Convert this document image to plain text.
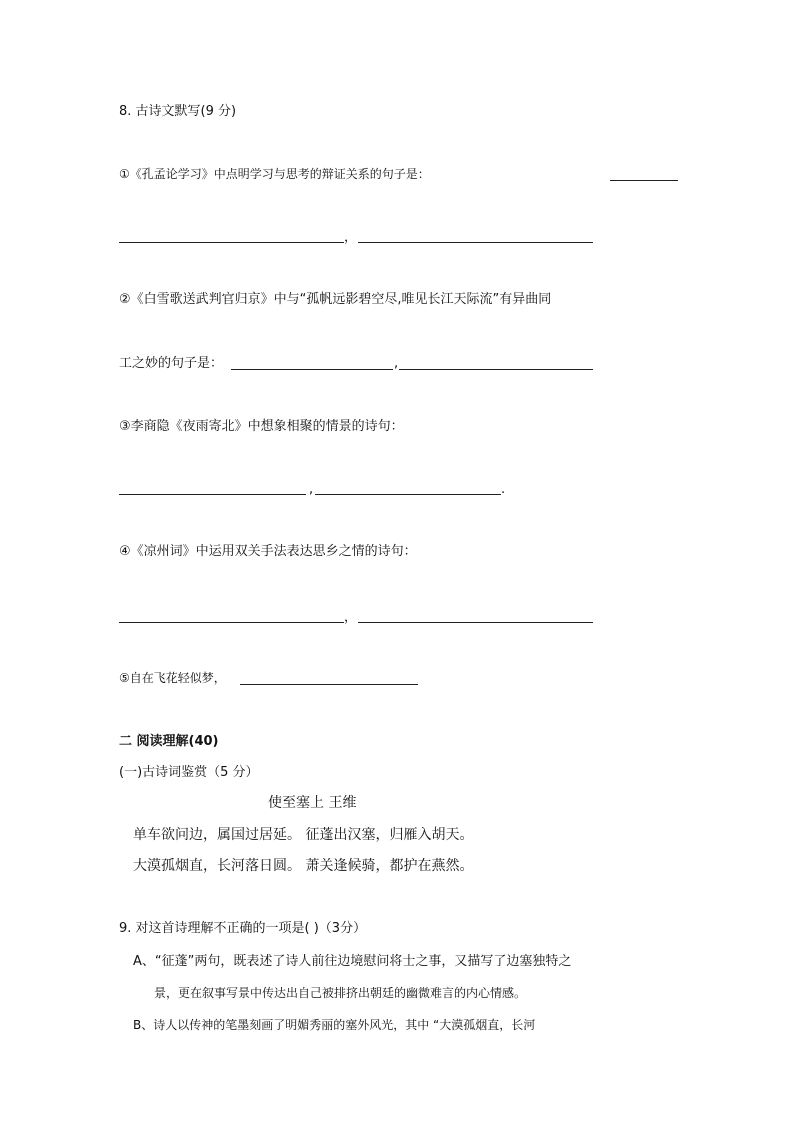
8. 古诗文默写(9 分)
①《孔孟论学习》中点明学习与思考的辩证关系的句子是：
，
②《白雪歌送武判官归京》中与“孤帆远影碧空尽,唯见长江天际流”有异曲同
工之妙的句子是：	,
③李商隐《夜雨寄北》中想象相聚的情景的诗句：
,	.
④《凉州词》中运用双关手法表达思乡之情的诗句：
，
⑤自在飞花轻似梦，
二 阅读理解(40)
(一)古诗词鉴赏（5 分）
使至塞上 王维
单车欲问边，属国过居延。 征蓬出汉塞，归雁入胡天。
大漠孤烟直，长河落日圆。 萧关逢候骑，都护在燕然。
9. 对这首诗理解不正确的一项是( )（3分）
A、“征蓬”两句，既表述了诗人前往边境慰问将士之事，又描写了边塞独特之
景，更在叙事写景中传达出自己被排挤出朝廷的幽微难言的内心情感。
B、诗人以传神的笔墨刻画了明媚秀丽的塞外风光，其中 “大漠孤烟直，长河
